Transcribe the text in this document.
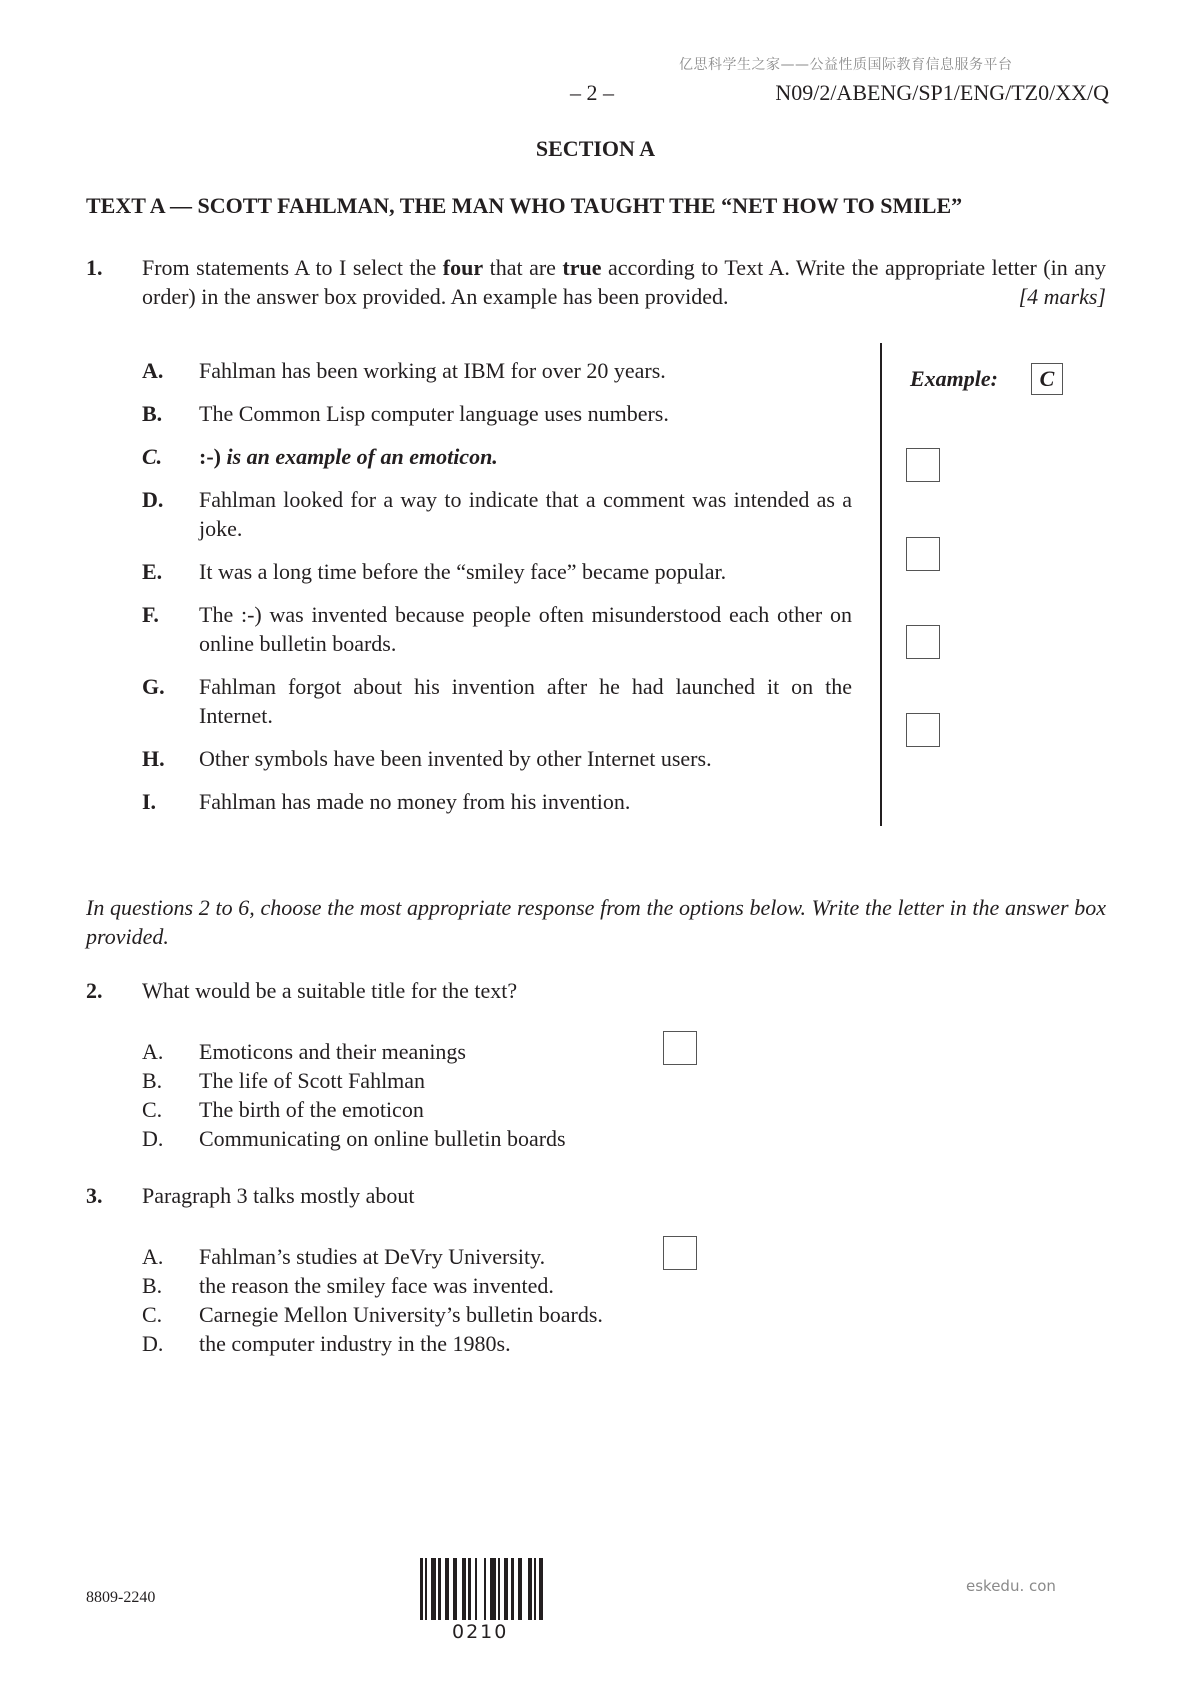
亿思科学生之家——公益性质国际教育信息服务平台
– 2 –	N09/2/ABENG/SP1/ENG/TZ0/XX/Q
SECTION A
TEXT A — SCOTT FAHLMAN, THE MAN WHO TAUGHT THE “NET HOW TO SMILE”
1. From statements A to I select the four that are true according to Text A. Write the appropriate letter (in any order) in the answer box provided. An example has been provided.	[4 marks]
A. Fahlman has been working at IBM for over 20 years.
B. The Common Lisp computer language uses numbers.
C. :-) is an example of an emoticon.
D. Fahlman looked for a way to indicate that a comment was intended as a joke.
E. It was a long time before the “smiley face” became popular.
F. The :-) was invented because people often misunderstood each other on online bulletin boards.
G. Fahlman forgot about his invention after he had launched it on the Internet.
H. Other symbols have been invented by other Internet users.
I. Fahlman has made no money from his invention.
Example:	C
In questions 2 to 6, choose the most appropriate response from the options below. Write the letter in the answer box provided.
2. What would be a suitable title for the text?
A. Emoticons and their meanings
B. The life of Scott Fahlman
C. The birth of the emoticon
D. Communicating on online bulletin boards
3. Paragraph 3 talks mostly about
A. Fahlman’s studies at DeVry University.
B. the reason the smiley face was invented.
C. Carnegie Mellon University’s bulletin boards.
D. the computer industry in the 1980s.
8809-2240
0210
eskedu. con
